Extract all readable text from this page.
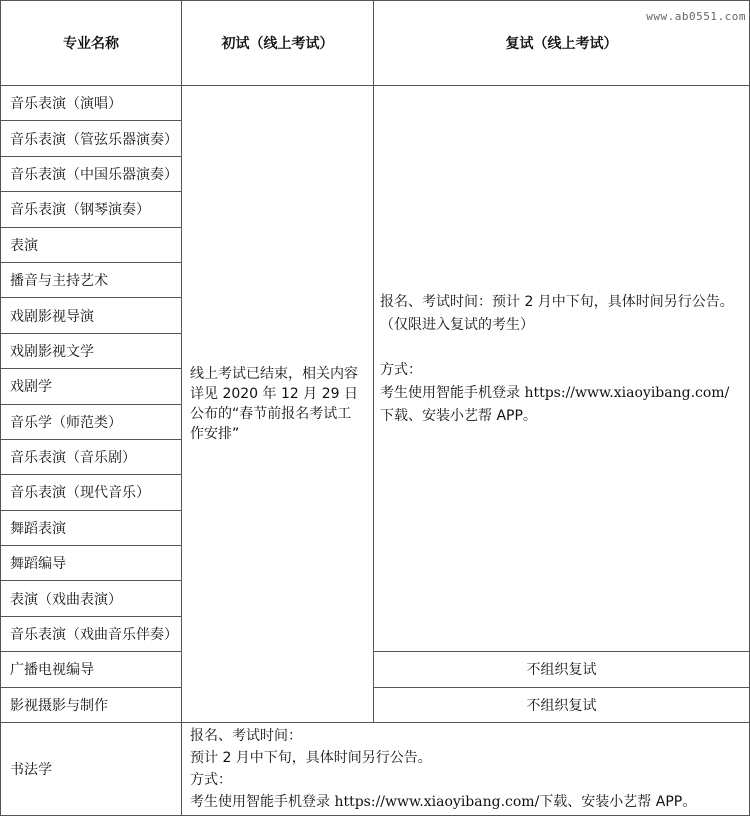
专业名称	初试（线上考试）	复试（线上考试）
音乐表演（演唱）	线上考试已结束，相关内容详见 2020 年 12 月 29 日公布的“春节前报名考试工作安排”	报名、考试时间：预计 2 月中下旬，具体时间另行公告。（仅限进入复试的考生）

方式：

考生使用智能手机登录 https://www.xiaoyibang.com/下载、安装小艺帮 APP。

音乐表演（管弦乐器演奏）		
音乐表演（中国乐器演奏）		
音乐表演（钢琴演奏）		
表演		
播音与主持艺术		
戏剧影视导演		
戏剧影视文学		
戏剧学		
音乐学（师范类）		
音乐表演（音乐剧）		
音乐表演（现代音乐）		
舞蹈表演		
舞蹈编导		
表演（戏曲表演）		
音乐表演（戏曲音乐伴奏）		
广播电视编导		不组织复试
影视摄影与制作		不组织复试
书法学	报名、考试时间：

预计 2 月中下旬，具体时间另行公告。

方式：

考生使用智能手机登录 https://www.xiaoyibang.com/下载、安装小艺帮 APP。	

www.ab0551.com
